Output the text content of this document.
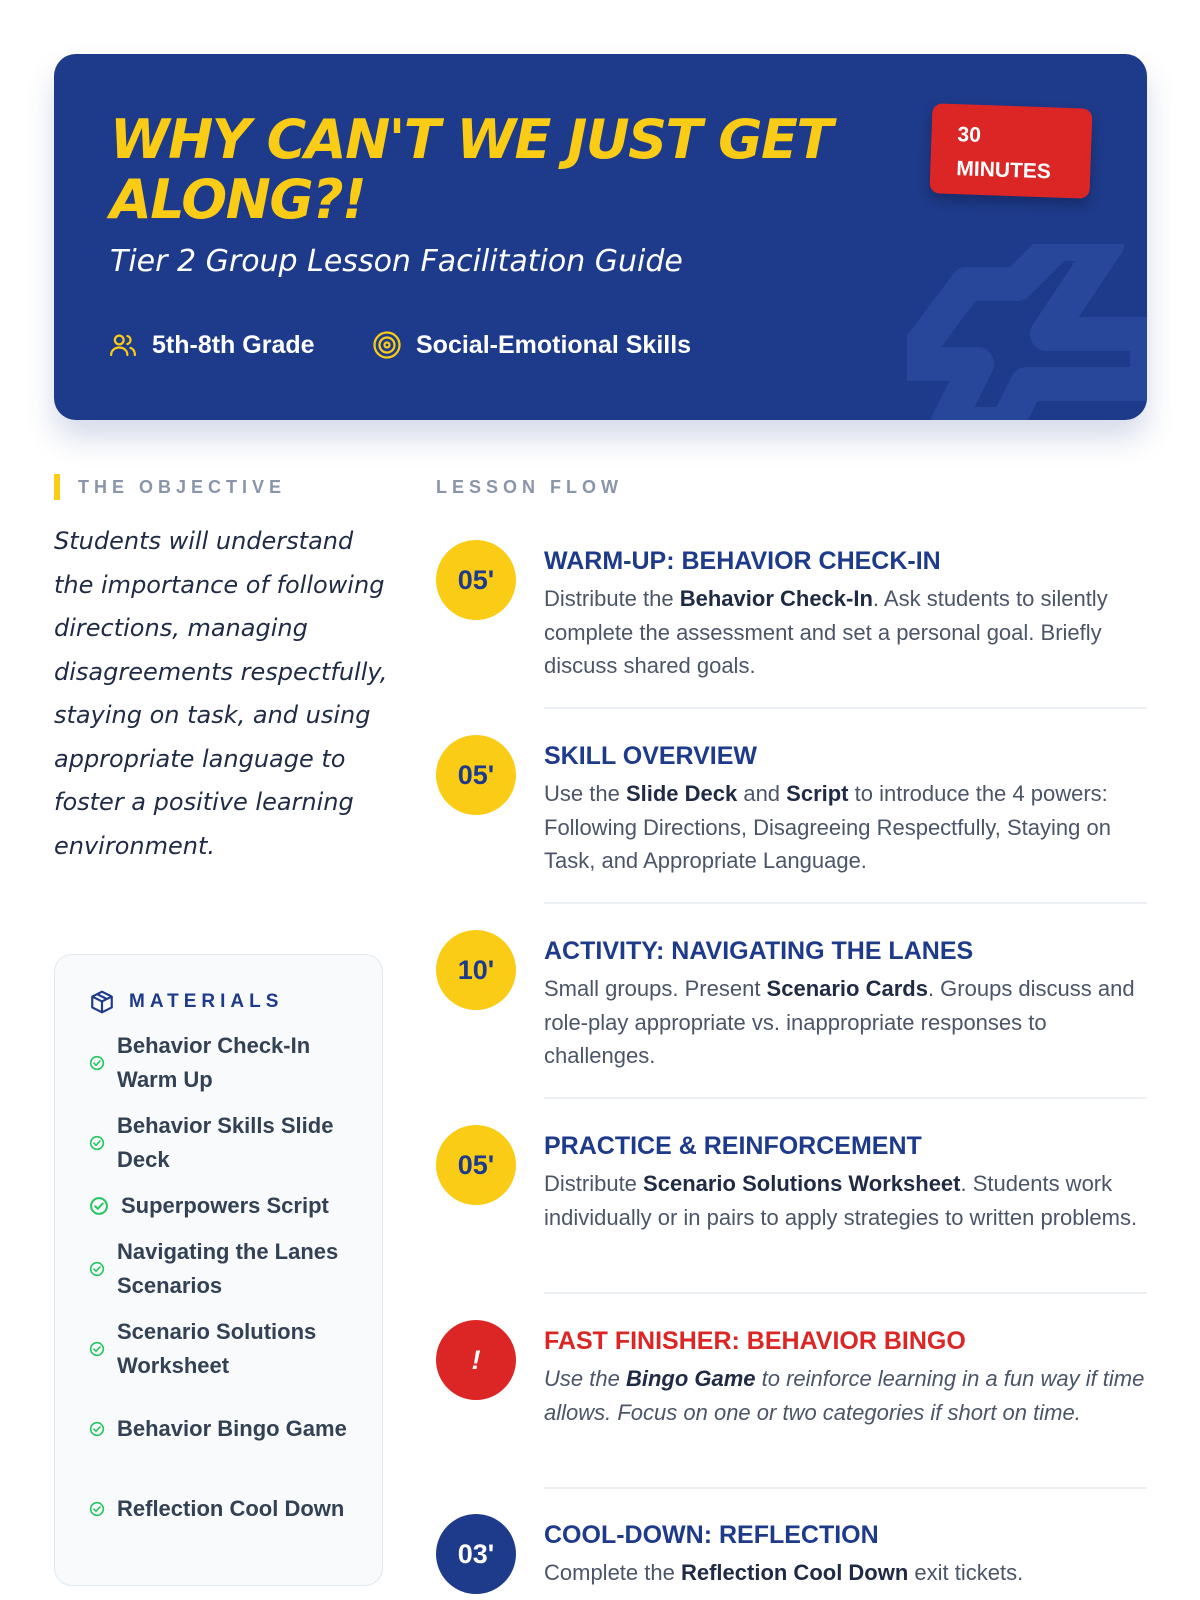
WHY CAN'T WE JUST GET ALONG?!
Tier 2 Group Lesson Facilitation Guide
30
MINUTES
5th-8th Grade	Social-Emotional Skills
THE OBJECTIVE	LESSON FLOW
Students will understand the importance of following directions, managing disagreements respectfully, staying on task, and using appropriate language to foster a positive learning environment.
MATERIALS
Behavior Check-In Warm Up
Behavior Skills Slide Deck
Superpowers Script
Navigating the Lanes Scenarios
Scenario Solutions Worksheet
Behavior Bingo Game
Reflection Cool Down
05'
WARM-UP: BEHAVIOR CHECK-IN

Distribute the Behavior Check-In. Ask students to silently complete the assessment and set a personal goal. Briefly discuss shared goals.

05'
SKILL OVERVIEW

Use the Slide Deck and Script to introduce the 4 powers: Following Directions, Disagreeing Respectfully, Staying on Task, and Appropriate Language.

10'
ACTIVITY: NAVIGATING THE LANES

Small groups. Present Scenario Cards. Groups discuss and role-play appropriate vs. inappropriate responses to challenges.

05'
PRACTICE & REINFORCEMENT

Distribute Scenario Solutions Worksheet. Students work individually or in pairs to apply strategies to written problems.

!
FAST FINISHER: BEHAVIOR BINGO

Use the Bingo Game to reinforce learning in a fun way if time allows. Focus on one or two categories if short on time.

03'
COOL-DOWN: REFLECTION

Complete the Reflection Cool Down exit tickets.
